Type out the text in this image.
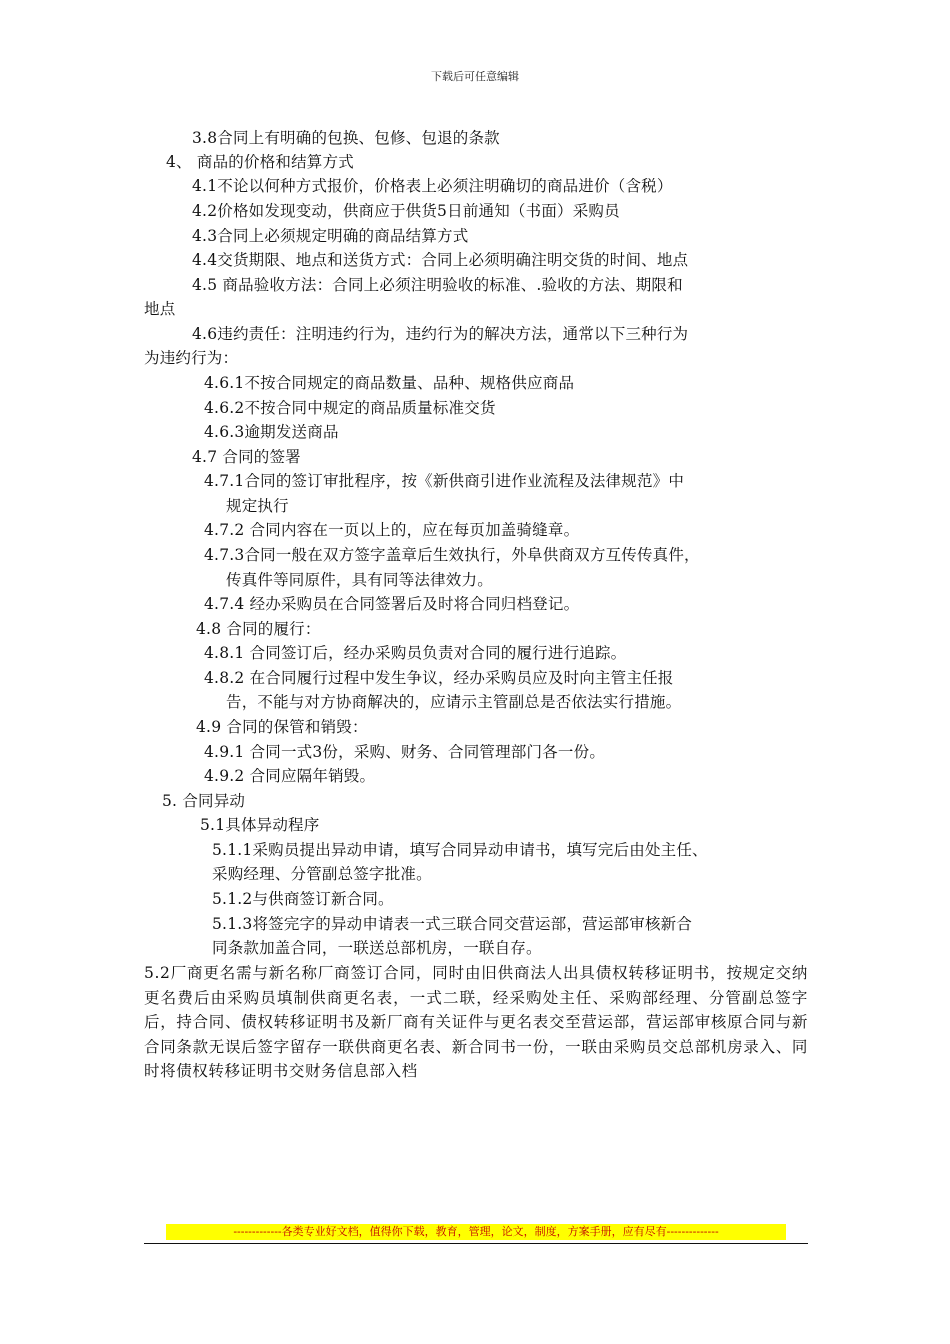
下载后可任意编辑
3.8合同上有明确的包换、包修、包退的条款
4、 商品的价格和结算方式
4.1不论以何种方式报价，价格表上必须注明确切的商品进价（含税）
4.2价格如发现变动，供商应于供货5日前通知（书面）采购员
4.3合同上必须规定明确的商品结算方式
4.4交货期限、地点和送货方式：合同上必须明确注明交货的时间、地点
4.5 商品验收方法：合同上必须注明验收的标准、.验收的方法、期限和
地点
4.6违约责任：注明违约行为，违约行为的解决方法，通常以下三种行为
为违约行为：
4.6.1不按合同规定的商品数量、品种、规格供应商品
4.6.2不按合同中规定的商品质量标准交货
4.6.3逾期发送商品
4.7 合同的签署
4.7.1合同的签订审批程序，按《新供商引进作业流程及法律规范》中
规定执行
4.7.2 合同内容在一页以上的，应在每页加盖骑缝章。
4.7.3合同一般在双方签字盖章后生效执行，外阜供商双方互传传真件，
传真件等同原件，具有同等法律效力。
4.7.4 经办采购员在合同签署后及时将合同归档登记。
4.8 合同的履行：
4.8.1 合同签订后，经办采购员负责对合同的履行进行追踪。
4.8.2 在合同履行过程中发生争议，经办采购员应及时向主管主任报
告，不能与对方协商解决的，应请示主管副总是否依法实行措施。
4.9 合同的保管和销毁：
4.9.1 合同一式3份，采购、财务、合同管理部门各一份。
4.9.2 合同应隔年销毁。
5. 合同异动
5.1具体异动程序
5.1.1采购员提出异动申请，填写合同异动申请书，填写完后由处主任、
采购经理、分管副总签字批准。
5.1.2与供商签订新合同。
5.1.3将签完字的异动申请表一式三联合同交营运部，营运部审核新合
同条款加盖合同，一联送总部机房，一联自存。
5.2厂商更名需与新名称厂商签订合同，同时由旧供商法人出具债权转移证明书，按规定交纳更名费后由采购员填制供商更名表，一式二联，经采购处主任、采购部经理、分管副总签字后，持合同、债权转移证明书及新厂商有关证件与更名表交至营运部，营运部审核原合同与新合同条款无误后签字留存一联供商更名表、新合同书一份，一联由采购员交总部机房录入、同时将债权转移证明书交财务信息部入档
-------------各类专业好文档，值得你下载，教育，管理，论文，制度，方案手册，应有尽有--------------
